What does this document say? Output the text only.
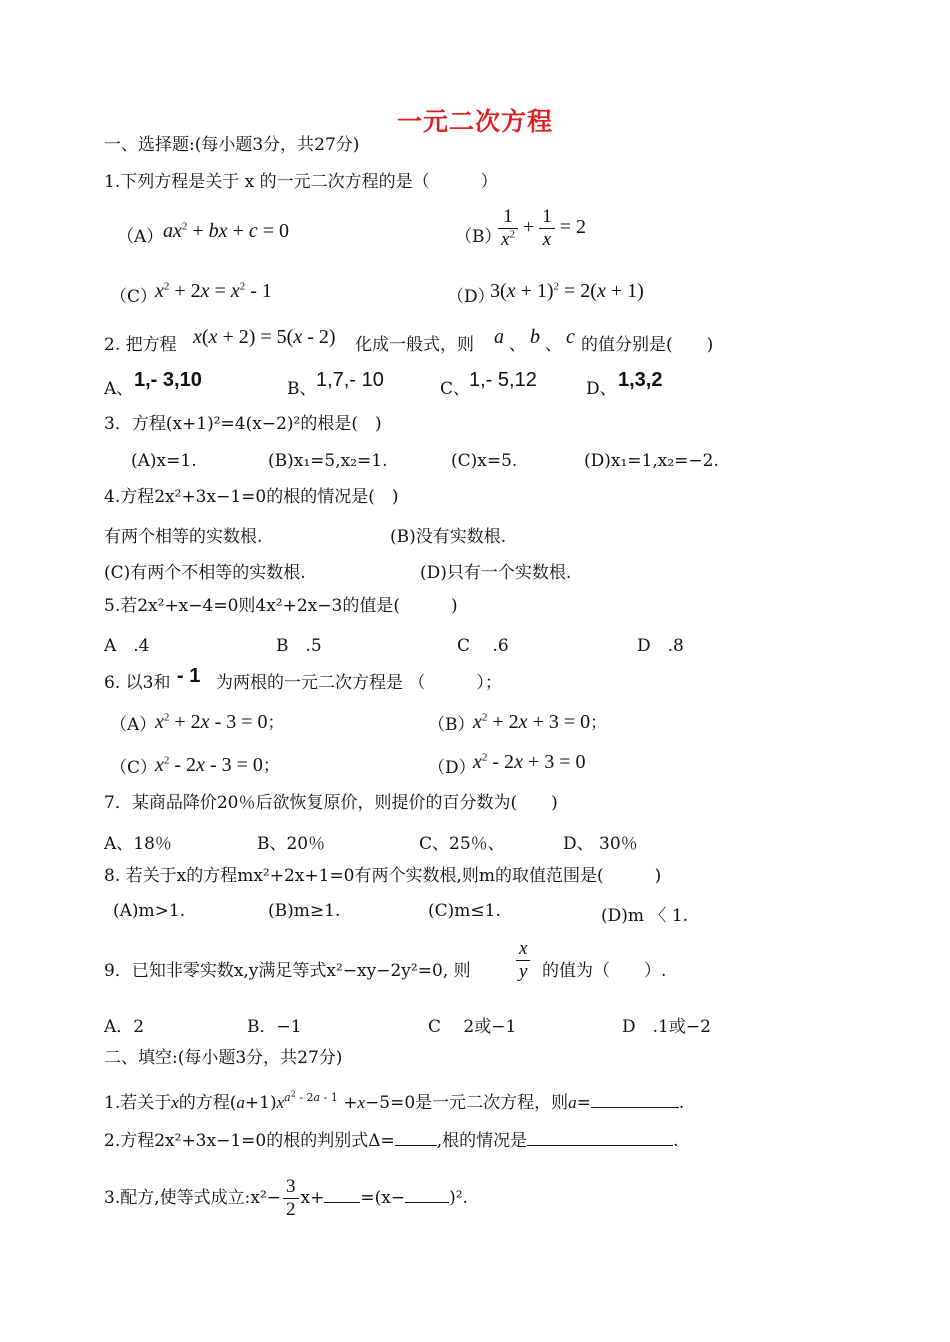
一元二次方程
一、选择题:(每小题3分，共27分)
1.下列方程是关于 x 的一元二次方程的是（　　　）
（A） $ax^2$ + bx + c = 0	（B）
$\frac{1}{x^2} + \frac{1}{x} = 2$
（C）
$x^2 + 2x = x^2 - 1$	（D）
$3(x + 1)^2 = 2(x + 1)$
2. 把方程 x(x + 2) = 5(x - 2) 化成一般式，则 a 、 b 、 c 的值分别是(　　)
A、 1,- 3,10	B、 1,7,- 10	C、
1,- 5,12	D、 1,3,2
3．方程(x+1)²=4(x−2)²的根是(　)
(A)x=1.	(B)x₁=5,x₂=1.	(C)x=5.	(D)x₁=1,x₂=−2.
4.方程2x²+3x−1=0的根的情况是(　)
有两个相等的实数根.	(B)没有实数根.
(C)有两个不相等的实数根.	(D)只有一个实数根.
5.若2x²+x−4=0则4x²+2x−3的值是(　　　)
A　.4	B　.5	C　 .6	D　.8
6. 以3和 - 1 为两根的一元二次方程是 （　　　）；
（A）
$x^2 + 2x - 3 = 0$；	（B）
$x^2 + 2x + 3 = 0$；
（C）
$x^2 - 2x - 3 = 0$；	（D）
$x^2 - 2x + 3 = 0$
7．某商品降价20％后欲恢复原价，则提价的百分数为(　　)
A、18％	B、20％	C、25％、	D、 30％
8. 若关于x的方程mx²+2x+1=0有两个实数根,则m的取值范围是(　　　)
(A)m>1.	(B)m≥1.	(C)m≤1.	(D)m 〈 1.
9．已知非零实数x,y满足等式x²−xy−2y²=0, 则 $\frac{x}{y}$ 的值为（　　）.
A．2	B．−1	C　 2或−1	D　.1或−2
二、填空:(每小题3分，共27分)
1.若关于x的方程$(a+1)x^{a^2 - 2a - 1} +x-5=0$是一元二次方程，则a=	.
2.方程2x²+3x−1=0的根的判别式Δ= ,根的情况是	.
3.配方,使等式成立:x²− $\frac{3}{2} x+ =(x-$	)².
